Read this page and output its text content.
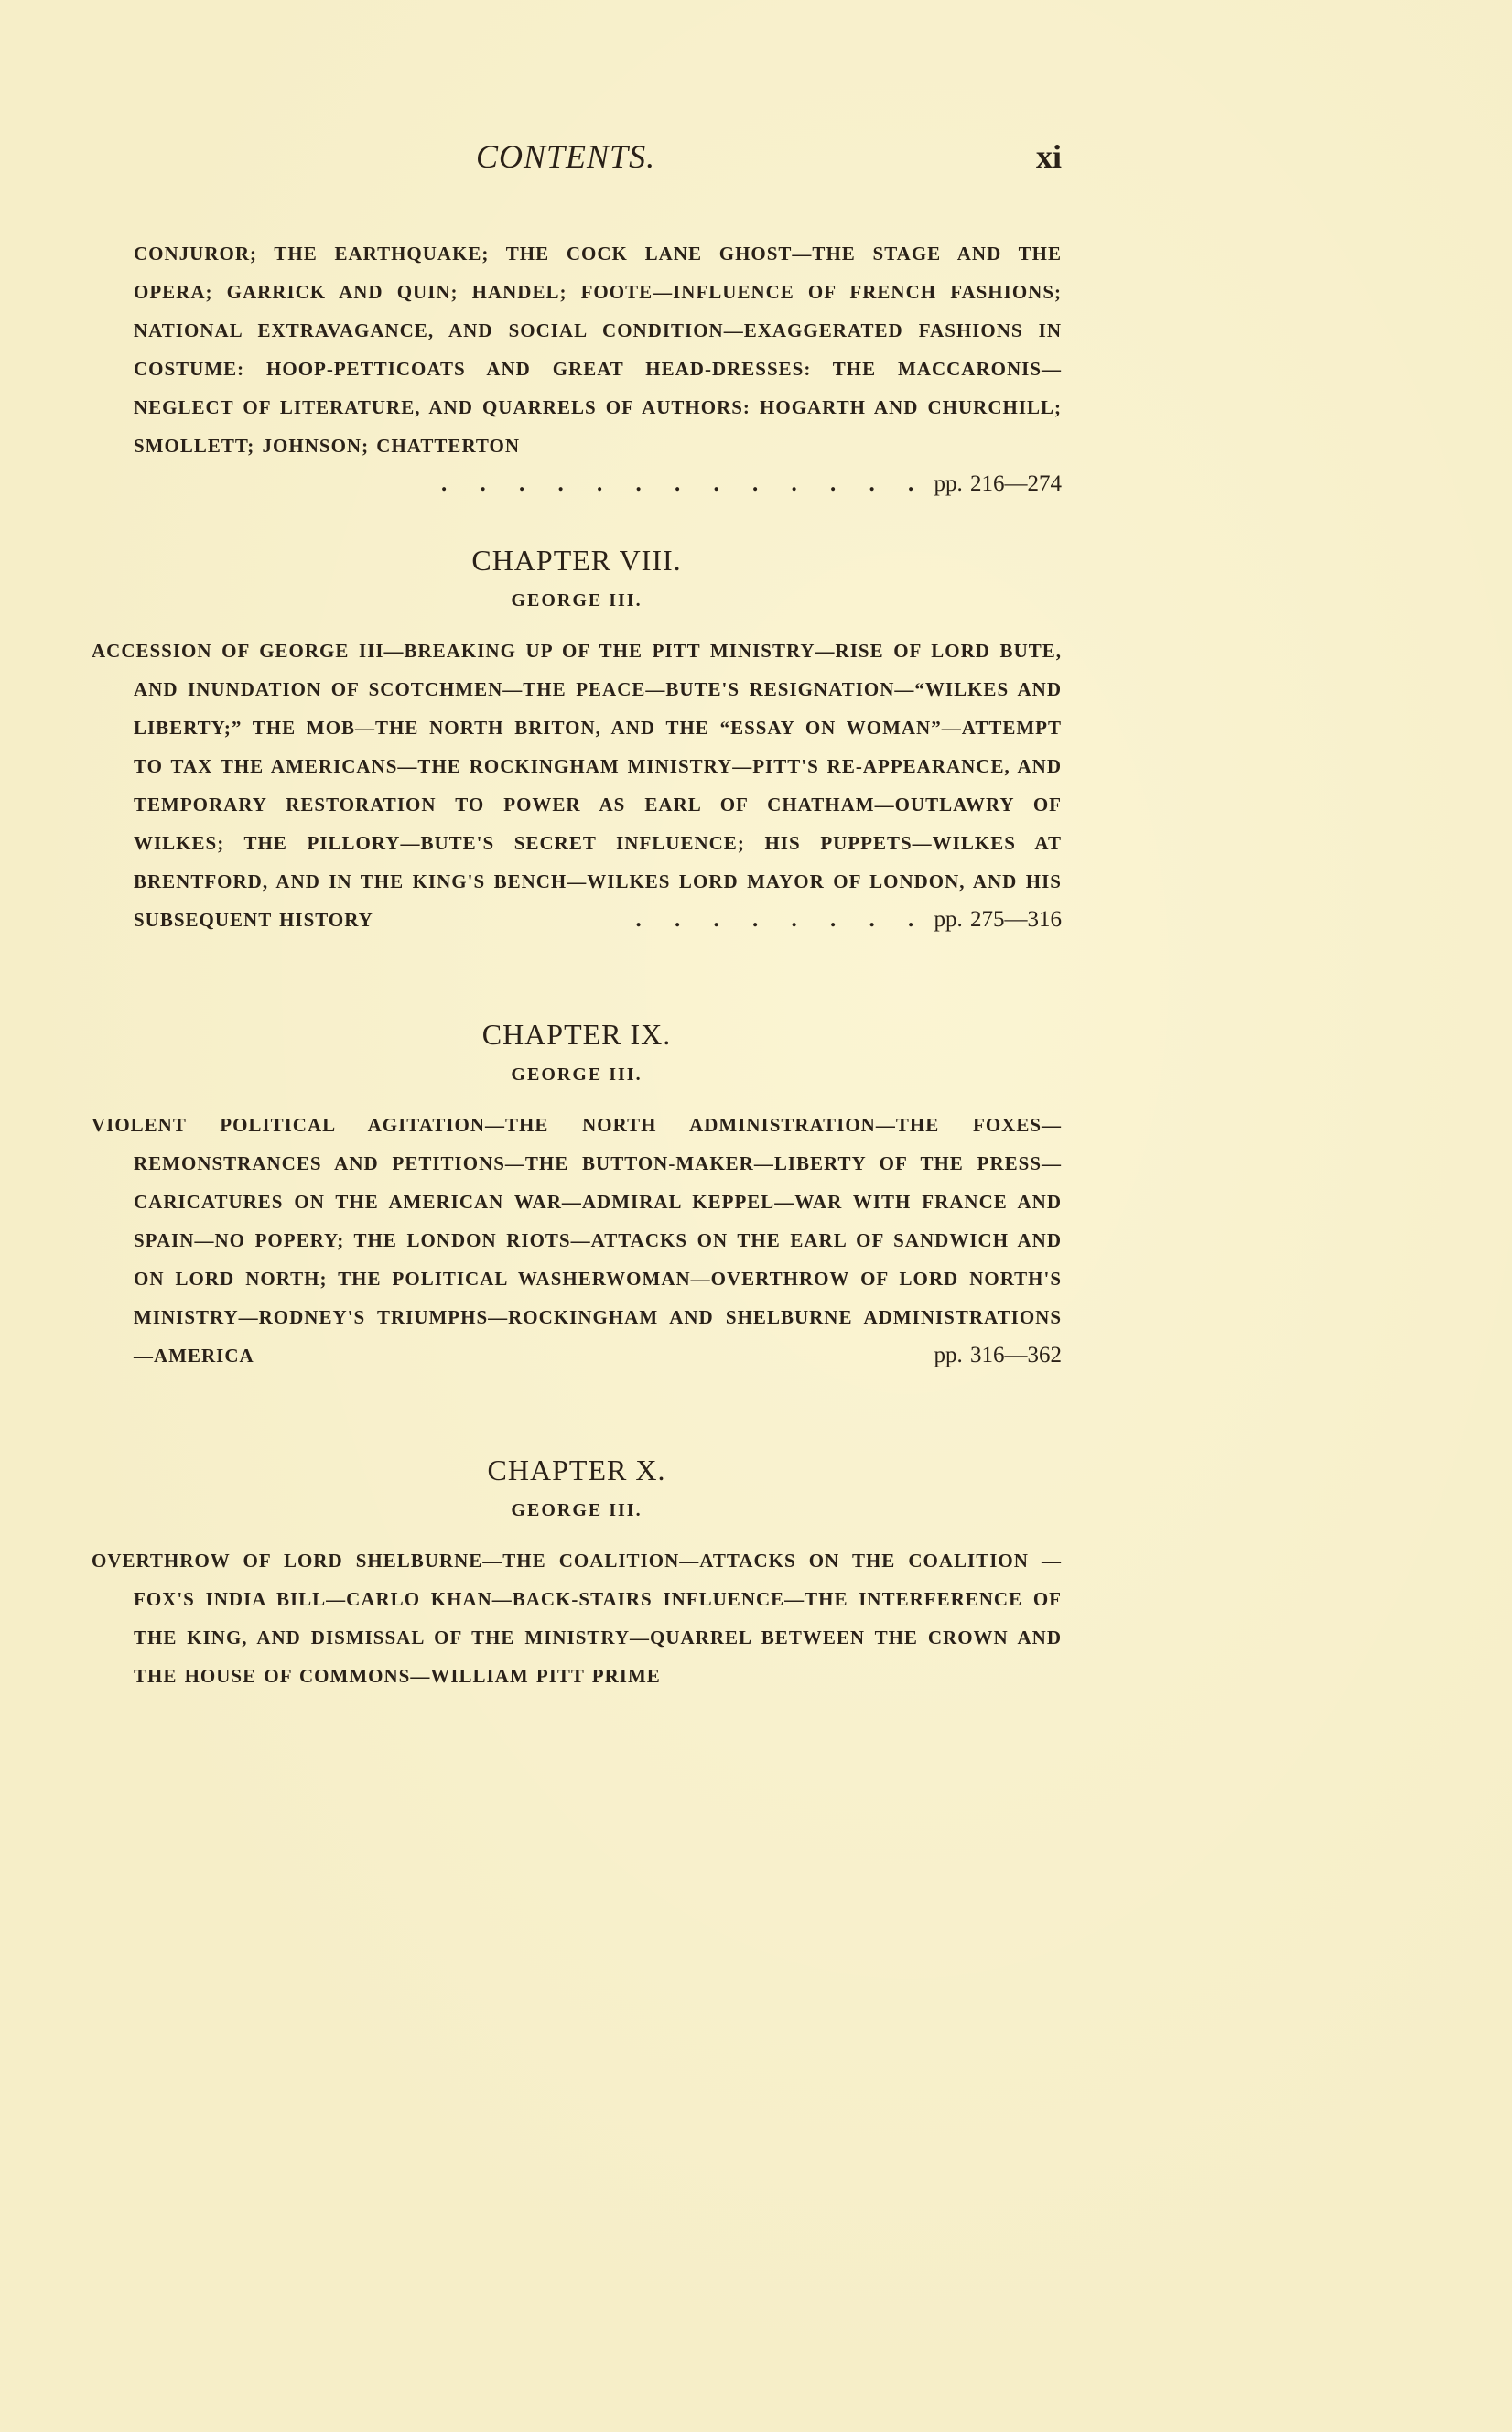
CONTENTS.	xi

CONJUROR; THE EARTHQUAKE; THE COCK LANE GHOST—THE STAGE AND THE OPERA; GARRICK AND QUIN; HANDEL; FOOTE—INFLUENCE OF FRENCH FASHIONS; NATIONAL EXTRAVAGANCE, AND SOCIAL CONDITION—EXAGGERATED FASHIONS IN COSTUME: HOOP-PETTICOATS AND GREAT HEAD-DRESSES: THE MACCARONIS—NEGLECT OF LITERATURE, AND QUARRELS OF AUTHORS: HOGARTH AND CHURCHILL; SMOLLETT; JOHNSON; CHATTERTON
. . . . . . . . . . . . . pp. 216—274

CHAPTER VIII.
GEORGE III.

ACCESSION OF GEORGE III—BREAKING UP OF THE PITT MINISTRY—RISE OF LORD BUTE, AND INUNDATION OF SCOTCHMEN—THE PEACE—BUTE'S RESIGNATION—“WILKES AND LIBERTY;” THE MOB—THE NORTH BRITON, AND THE “ESSAY ON WOMAN”—ATTEMPT TO TAX THE AMERICANS—THE ROCKINGHAM MINISTRY—PITT'S RE-APPEARANCE, AND TEMPORARY RESTORATION TO POWER AS EARL OF CHATHAM—OUTLAWRY OF WILKES; THE PILLORY—BUTE'S SECRET INFLUENCE; HIS PUPPETS—WILKES AT BRENTFORD, AND IN THE KING'S BENCH—WILKES LORD MAYOR OF LONDON, AND HIS SUBSEQUENT HISTORY	. . . . . . . . pp. 275—316

CHAPTER IX.
GEORGE III.

VIOLENT POLITICAL AGITATION—THE NORTH ADMINISTRATION—THE FOXES—REMONSTRANCES AND PETITIONS—THE BUTTON-MAKER—LIBERTY OF THE PRESS—CARICATURES ON THE AMERICAN WAR—ADMIRAL KEPPEL—WAR WITH FRANCE AND SPAIN—NO POPERY; THE LONDON RIOTS—ATTACKS ON THE EARL OF SANDWICH AND ON LORD NORTH; THE POLITICAL WASHERWOMAN—OVERTHROW OF LORD NORTH'S MINISTRY—RODNEY'S TRIUMPHS—ROCKINGHAM AND SHELBURNE ADMINISTRATIONS—AMERICA	pp. 316—362

CHAPTER X.
GEORGE III.

OVERTHROW OF LORD SHELBURNE—THE COALITION—ATTACKS ON THE COALITION — FOX'S INDIA BILL—CARLO KHAN—BACK-STAIRS INFLUENCE—THE INTERFERENCE OF THE KING, AND DISMISSAL OF THE MINISTRY—QUARREL BETWEEN THE CROWN AND THE HOUSE OF COMMONS—WILLIAM PITT PRIME
